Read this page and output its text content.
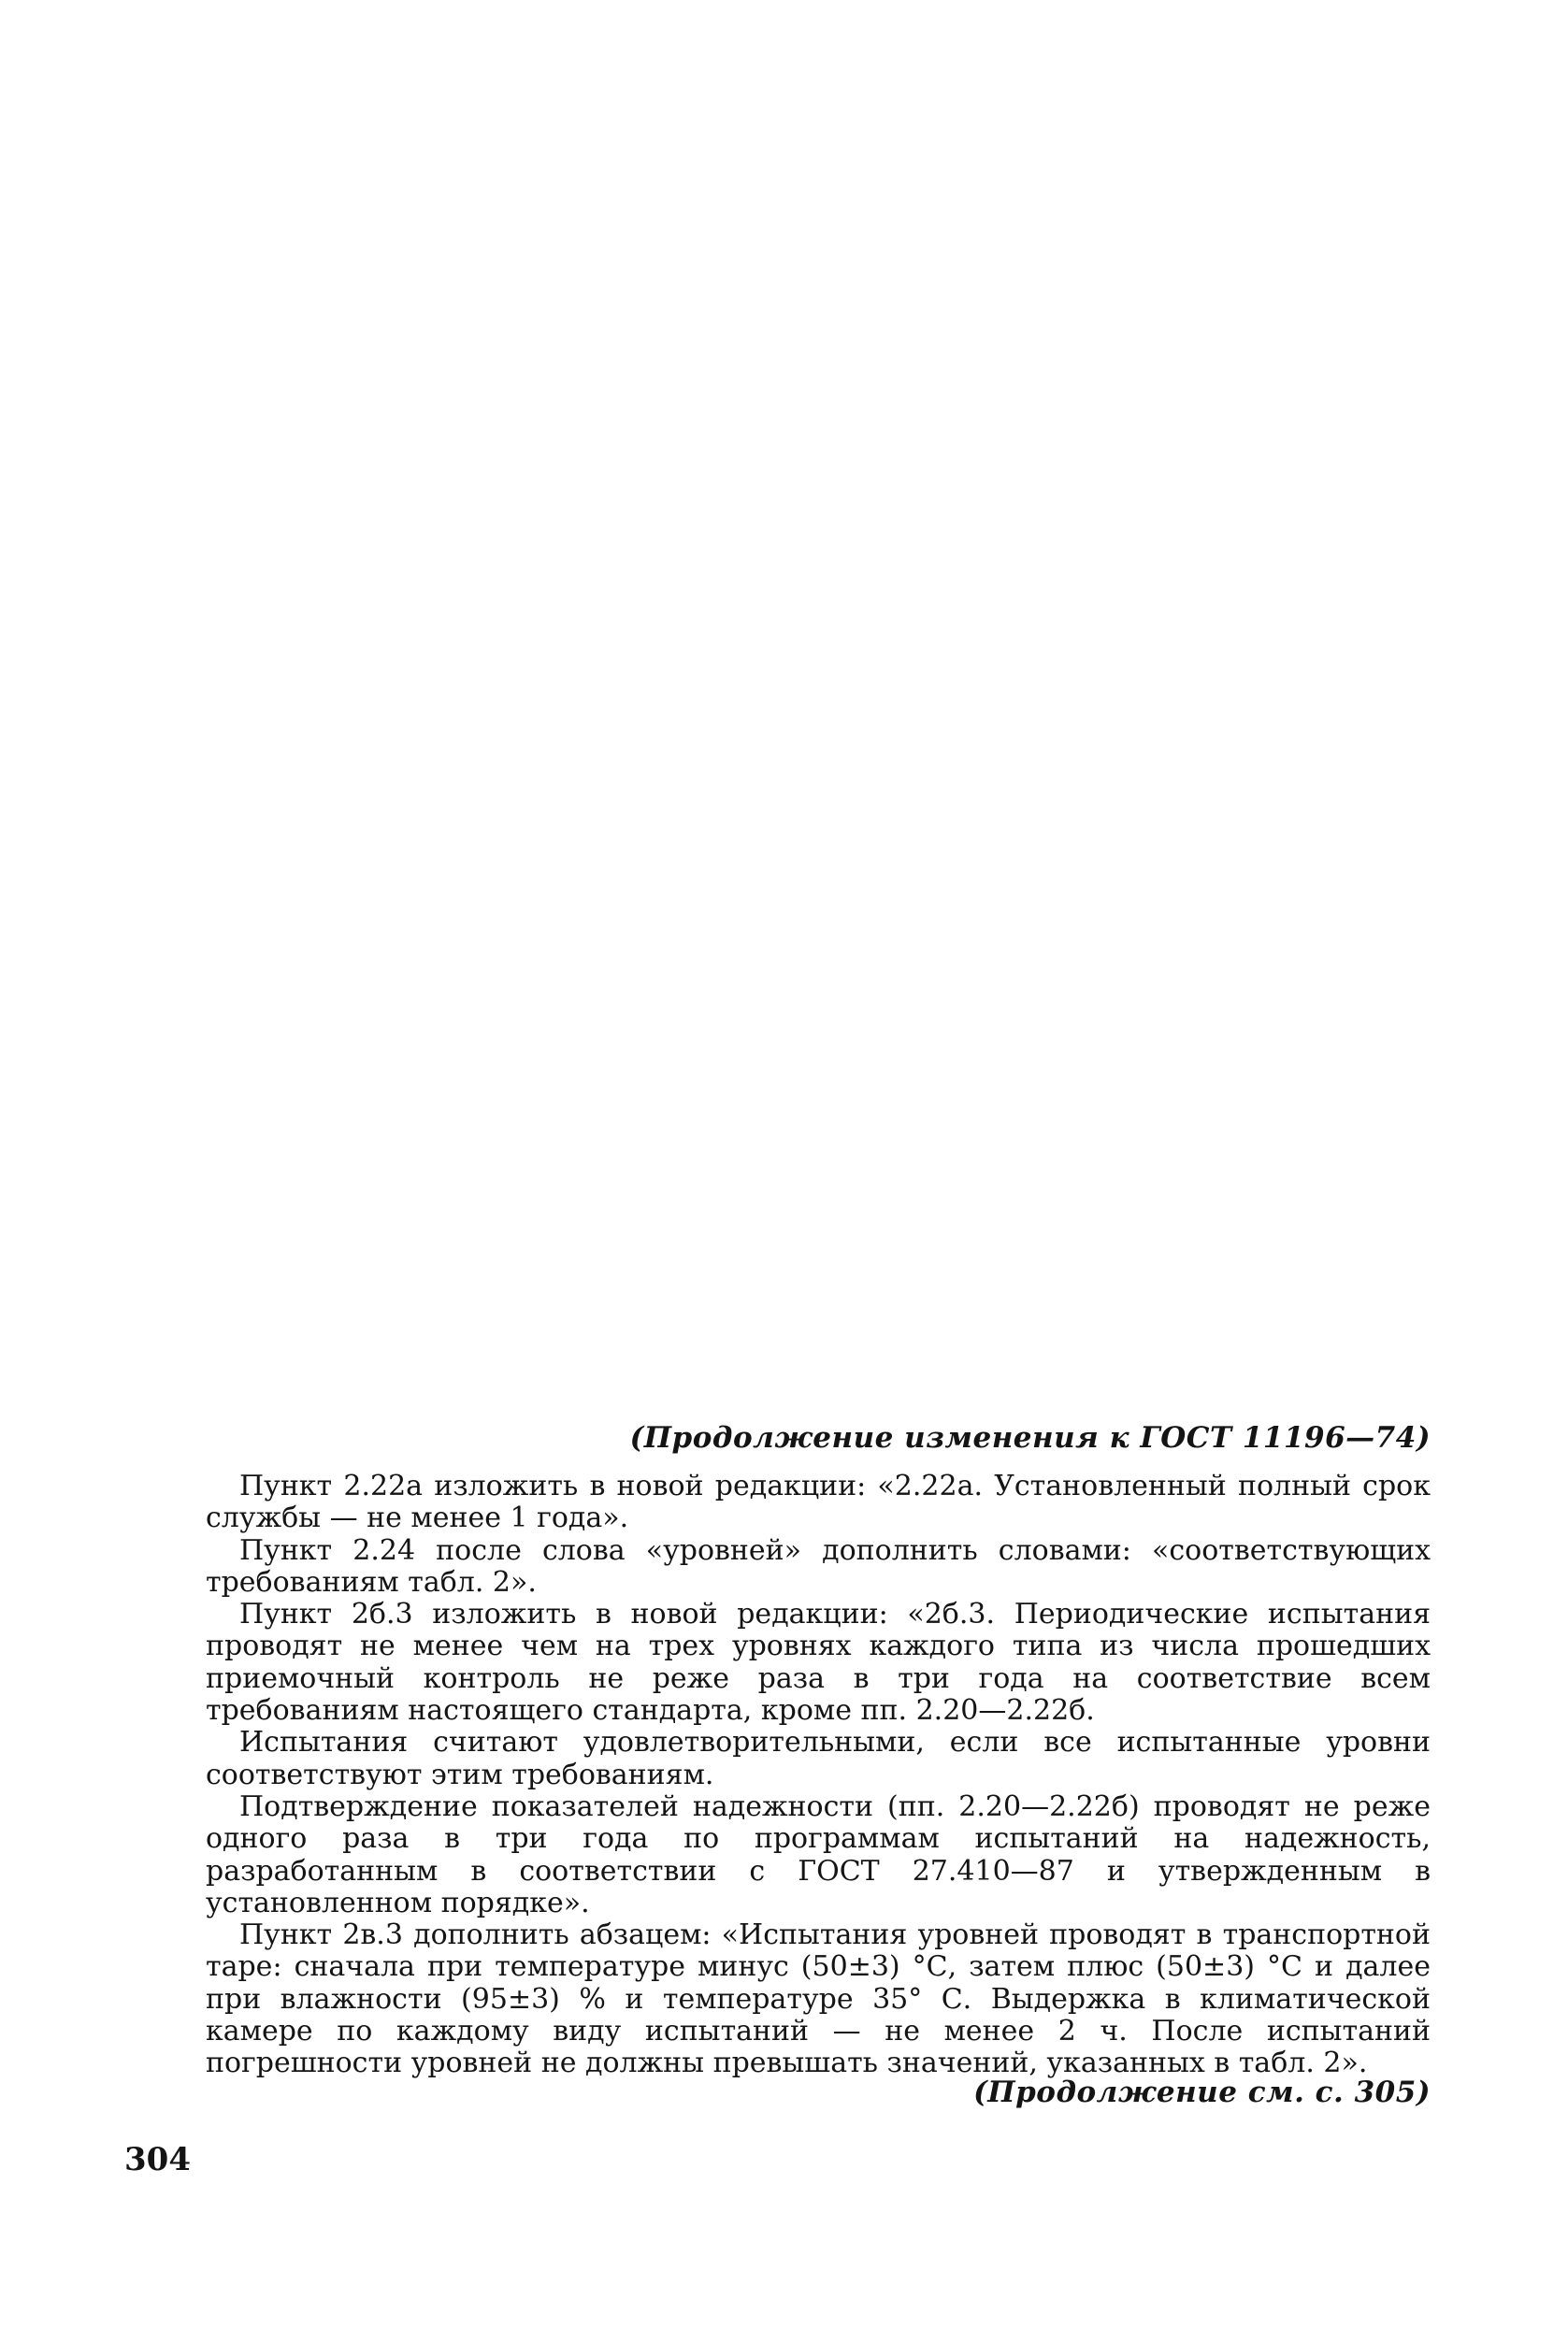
(Продолжение изменения к ГОСТ 11196—74)

Пункт 2.22а изложить в новой редакции: «2.22а. Установленный полный срок службы — не менее 1 года».

Пункт 2.24 после слова «уровней» дополнить словами: «соответствующих требованиям табл. 2».

Пункт 2б.3 изложить в новой редакции: «2б.3. Периодические испытания проводят не менее чем на трех уровнях каждого типа из числа прошедших приемочный контроль не реже раза в три года на соответствие всем требованиям настоящего стандарта, кроме пп. 2.20—2.22б.

Испытания считают удовлетворительными, если все испытанные уровни соответствуют этим требованиям.

Подтверждение показателей надежности (пп. 2.20—2.22б) проводят не реже одного раза в три года по программам испытаний на надежность, разработанным в соответствии с ГОСТ 27.410—87 и утвержденным в установленном порядке».

Пункт 2в.3 дополнить абзацем: «Испытания уровней проводят в транспортной таре: сначала при температуре минус (50±3) °С, затем плюс (50±3) °С и далее при влажности (95±3) % и температуре 35° С. Выдержка в климатической камере по каждому виду испытаний — не менее 2 ч. После испытаний погрешности уровней не должны превышать значений, указанных в табл. 2».

(Продолжение см. с. 305)

304
